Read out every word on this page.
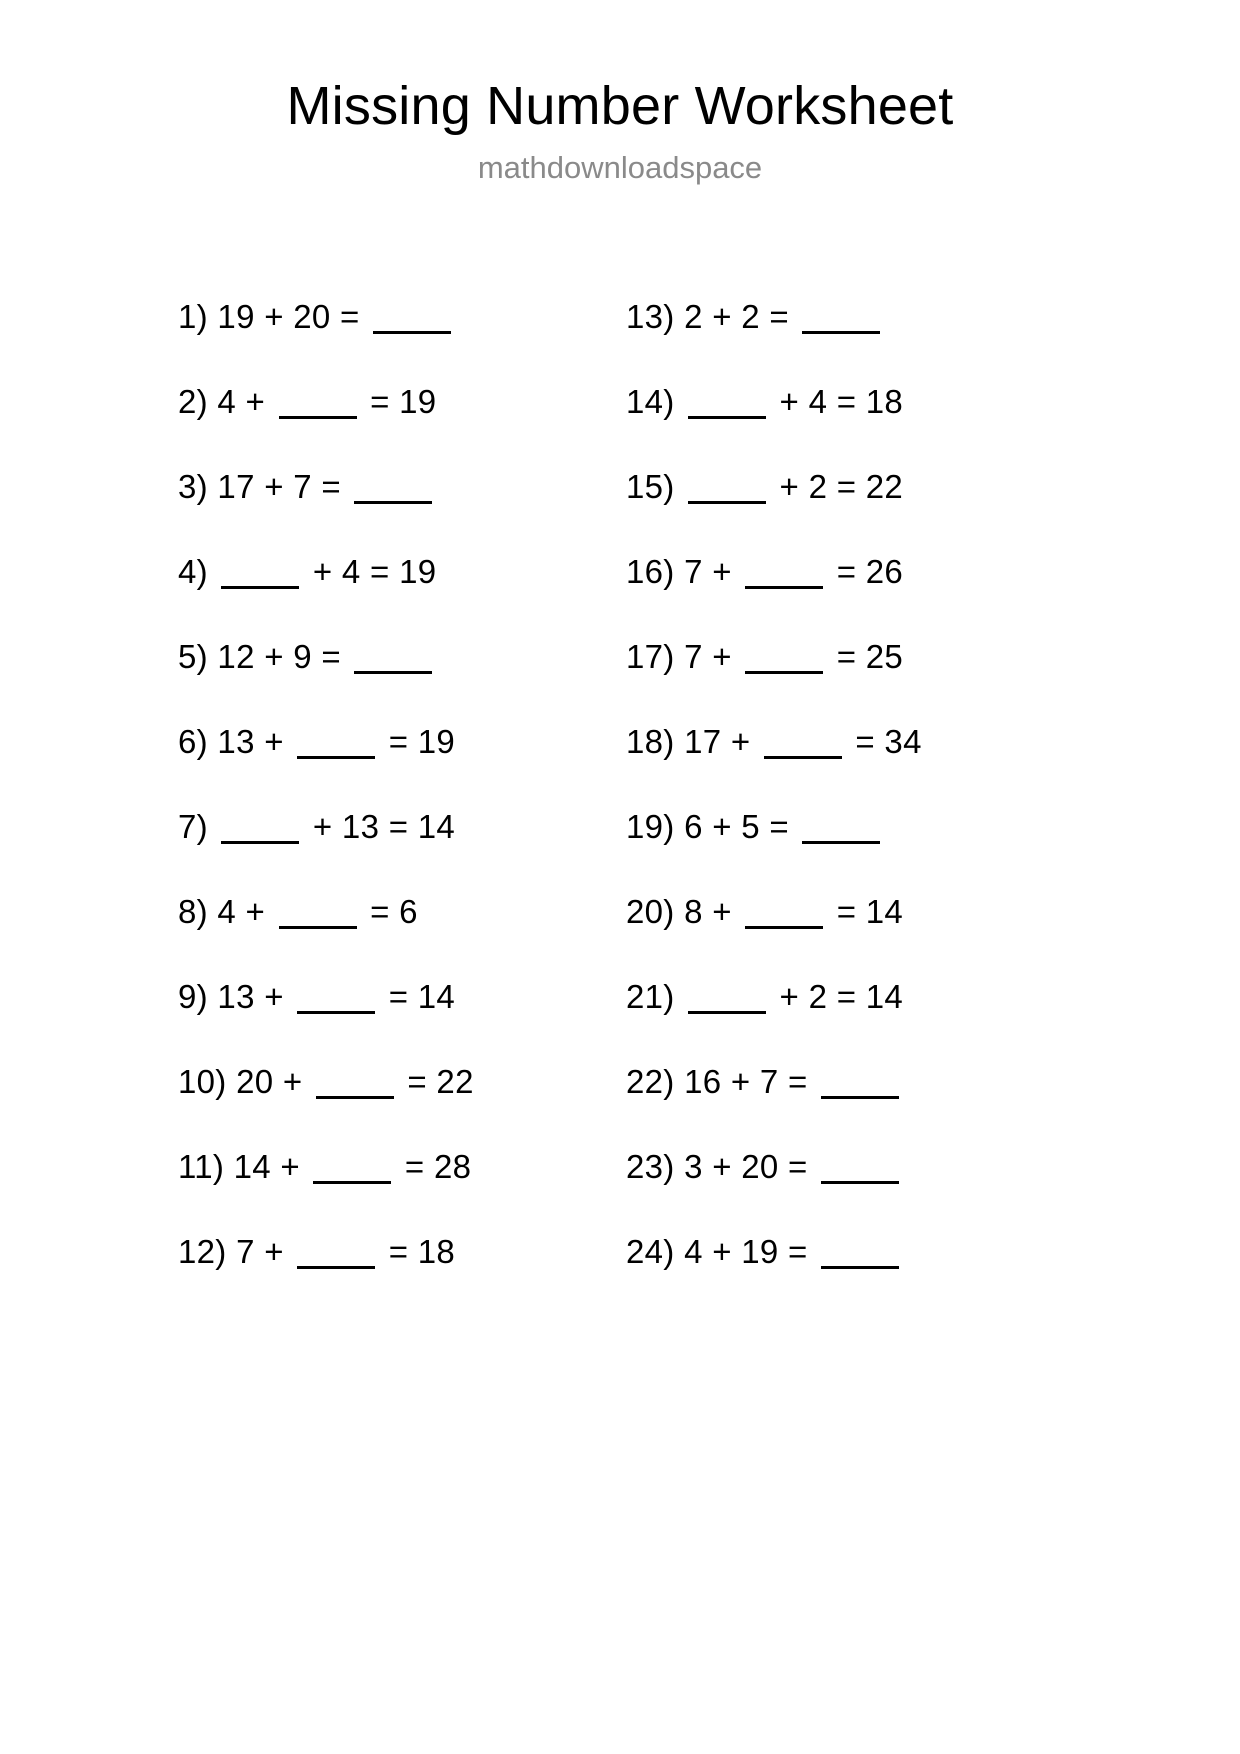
Missing Number Worksheet
mathdownloadspace
1) 19 + 20 =
2) 4 +	= 19
3) 17 + 7 =
4)	+ 4 = 19
5) 12 + 9 =
6) 13 +	= 19
7)	+ 13 = 14
8) 4 +	= 6
9) 13 +	= 14
10) 20 +	= 22
11) 14 +	= 28
12) 7 +	= 18
13) 2 + 2 =
14)	+ 4 = 18
15)	+ 2 = 22
16) 7 +	= 26
17) 7 +	= 25
18) 17 +	= 34
19) 6 + 5 =
20) 8 +	= 14
21)	+ 2 = 14
22) 16 + 7 =
23) 3 + 20 =
24) 4 + 19 =
